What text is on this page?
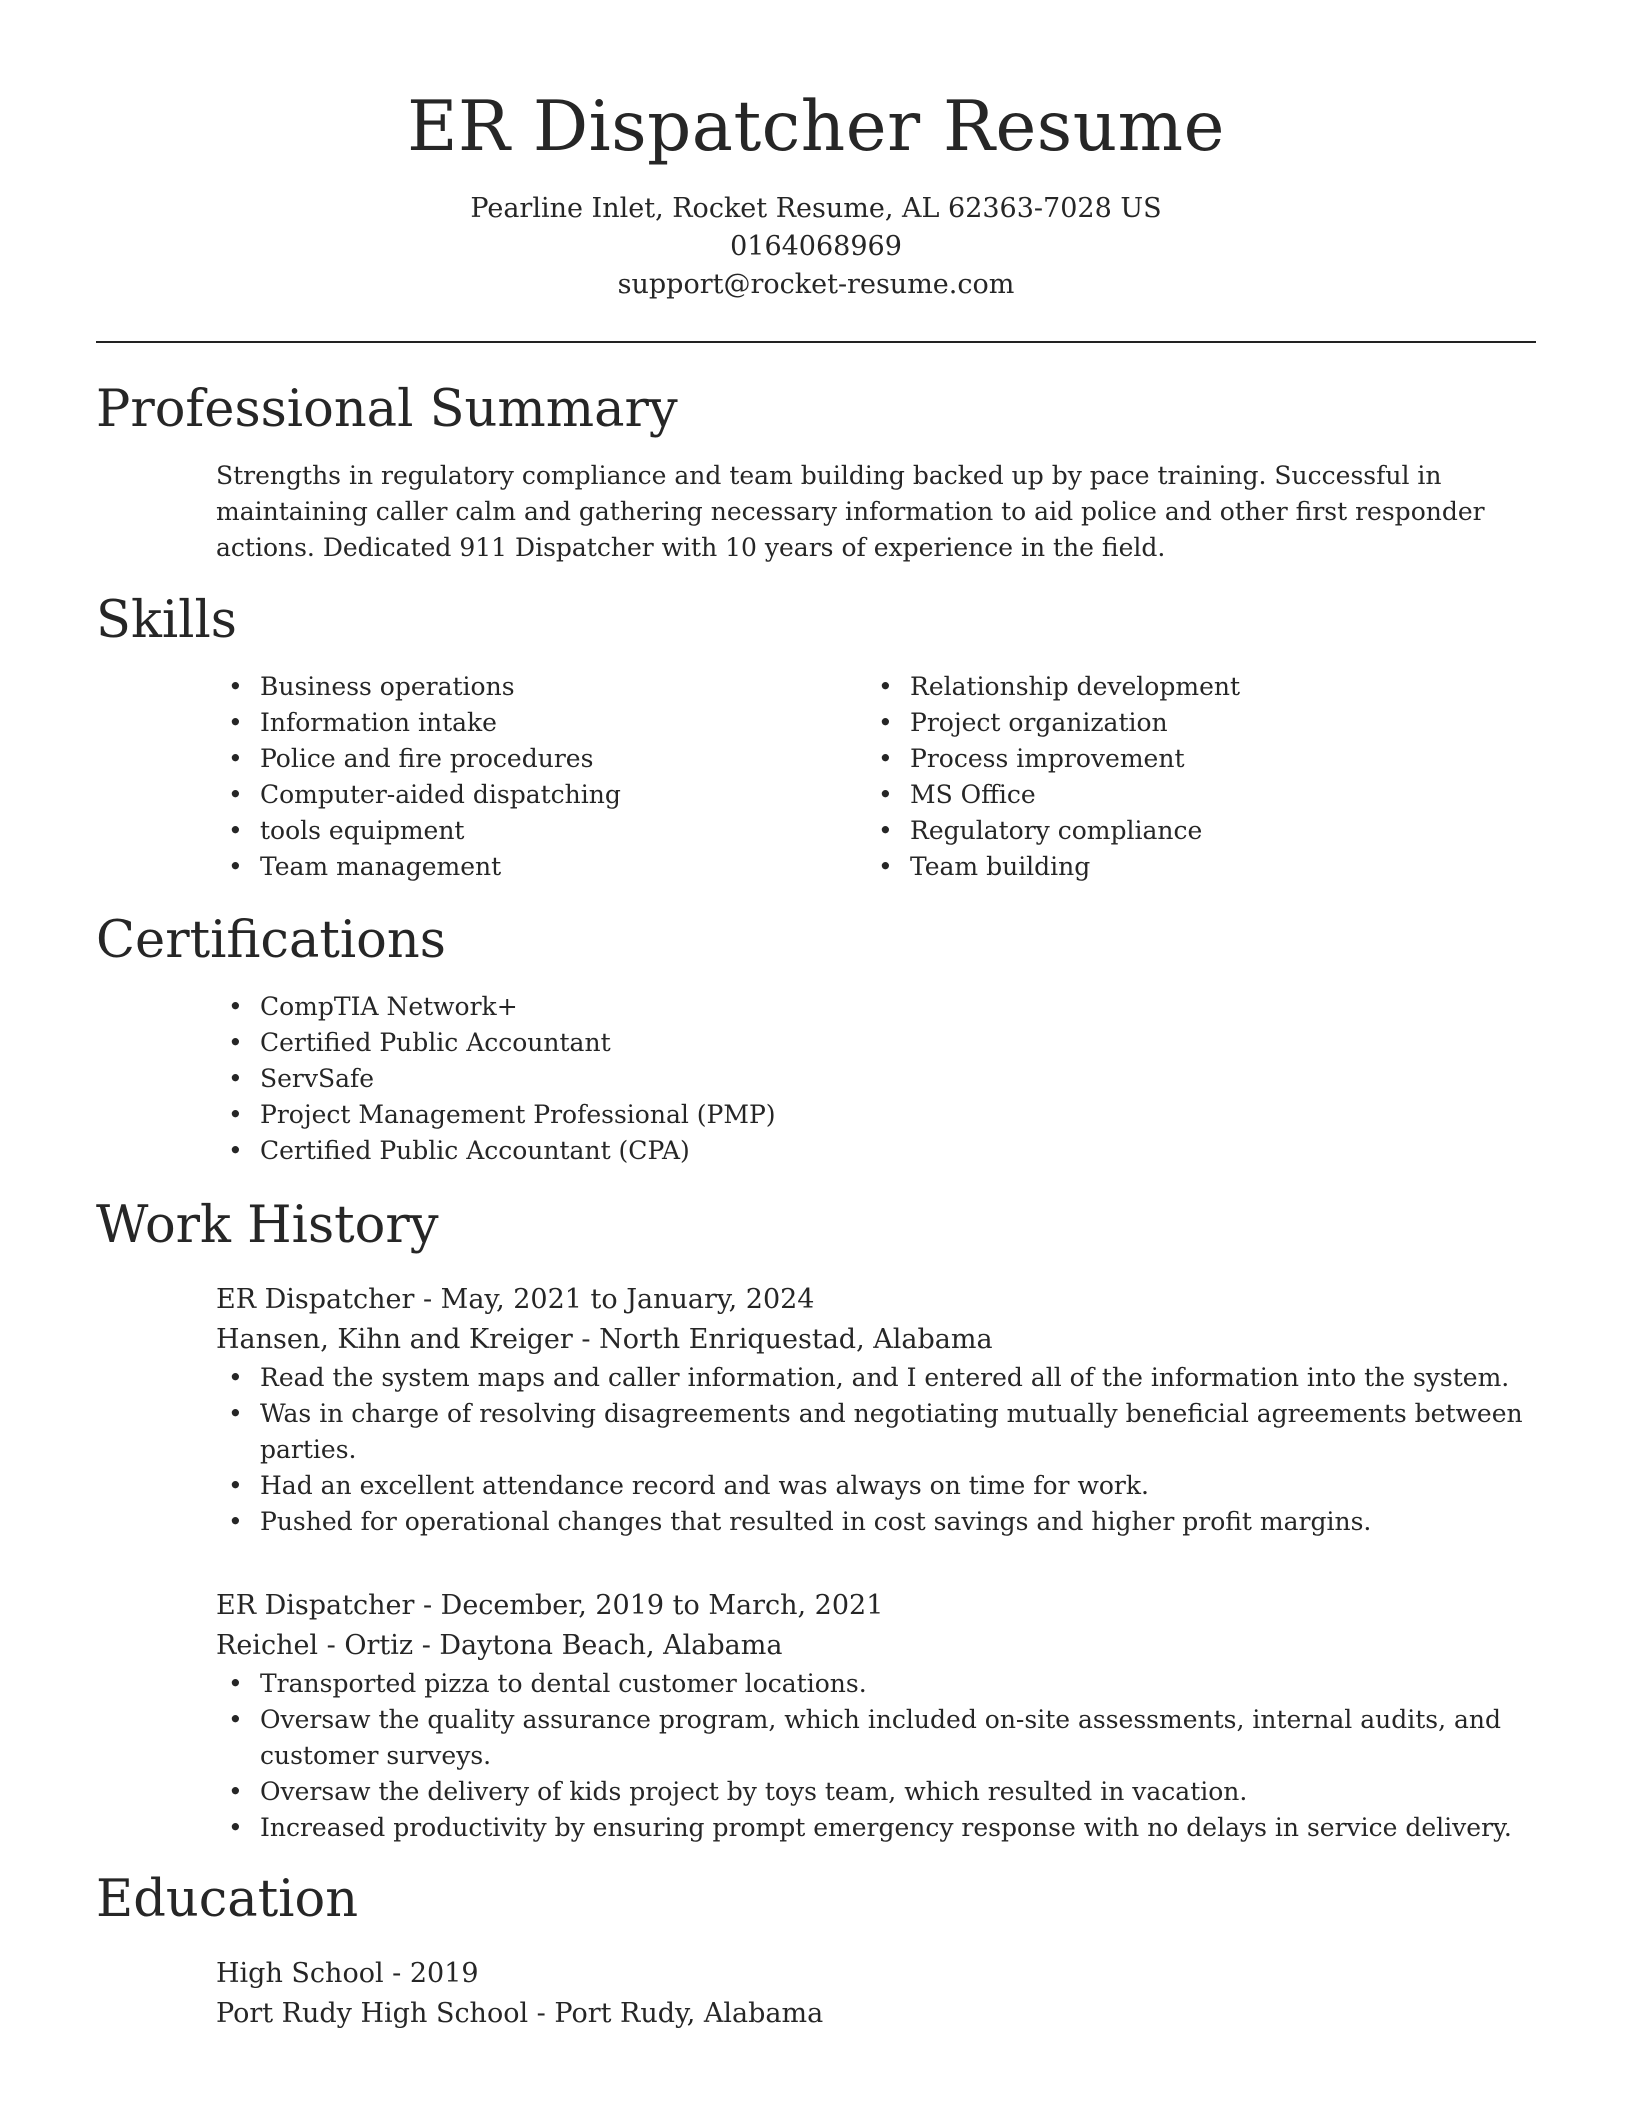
ER Dispatcher Resume
Pearline Inlet, Rocket Resume, AL 62363-7028 US
0164068969
support@rocket-resume.com
Professional Summary
Strengths in regulatory compliance and team building backed up by pace training. Successful in maintaining caller calm and gathering necessary information to aid police and other first responder actions. Dedicated 911 Dispatcher with 10 years of experience in the field.
Skills
• Business operations
• Information intake
• Police and fire procedures
• Computer-aided dispatching
• tools equipment
• Team management
• Relationship development
• Project organization
• Process improvement
• MS Office
• Regulatory compliance
• Team building
Certifications
• CompTIA Network+
• Certified Public Accountant
• ServSafe
• Project Management Professional (PMP)
• Certified Public Accountant (CPA)
Work History
ER Dispatcher - May, 2021 to January, 2024
Hansen, Kihn and Kreiger - North Enriquestad, Alabama
• Read the system maps and caller information, and I entered all of the information into the system.
• Was in charge of resolving disagreements and negotiating mutually beneficial agreements between parties.
• Had an excellent attendance record and was always on time for work.
• Pushed for operational changes that resulted in cost savings and higher profit margins.
ER Dispatcher - December, 2019 to March, 2021
Reichel - Ortiz - Daytona Beach, Alabama
• Transported pizza to dental customer locations.
• Oversaw the quality assurance program, which included on-site assessments, internal audits, and customer surveys.
• Oversaw the delivery of kids project by toys team, which resulted in vacation.
• Increased productivity by ensuring prompt emergency response with no delays in service delivery.
Education
High School - 2019
Port Rudy High School - Port Rudy, Alabama
